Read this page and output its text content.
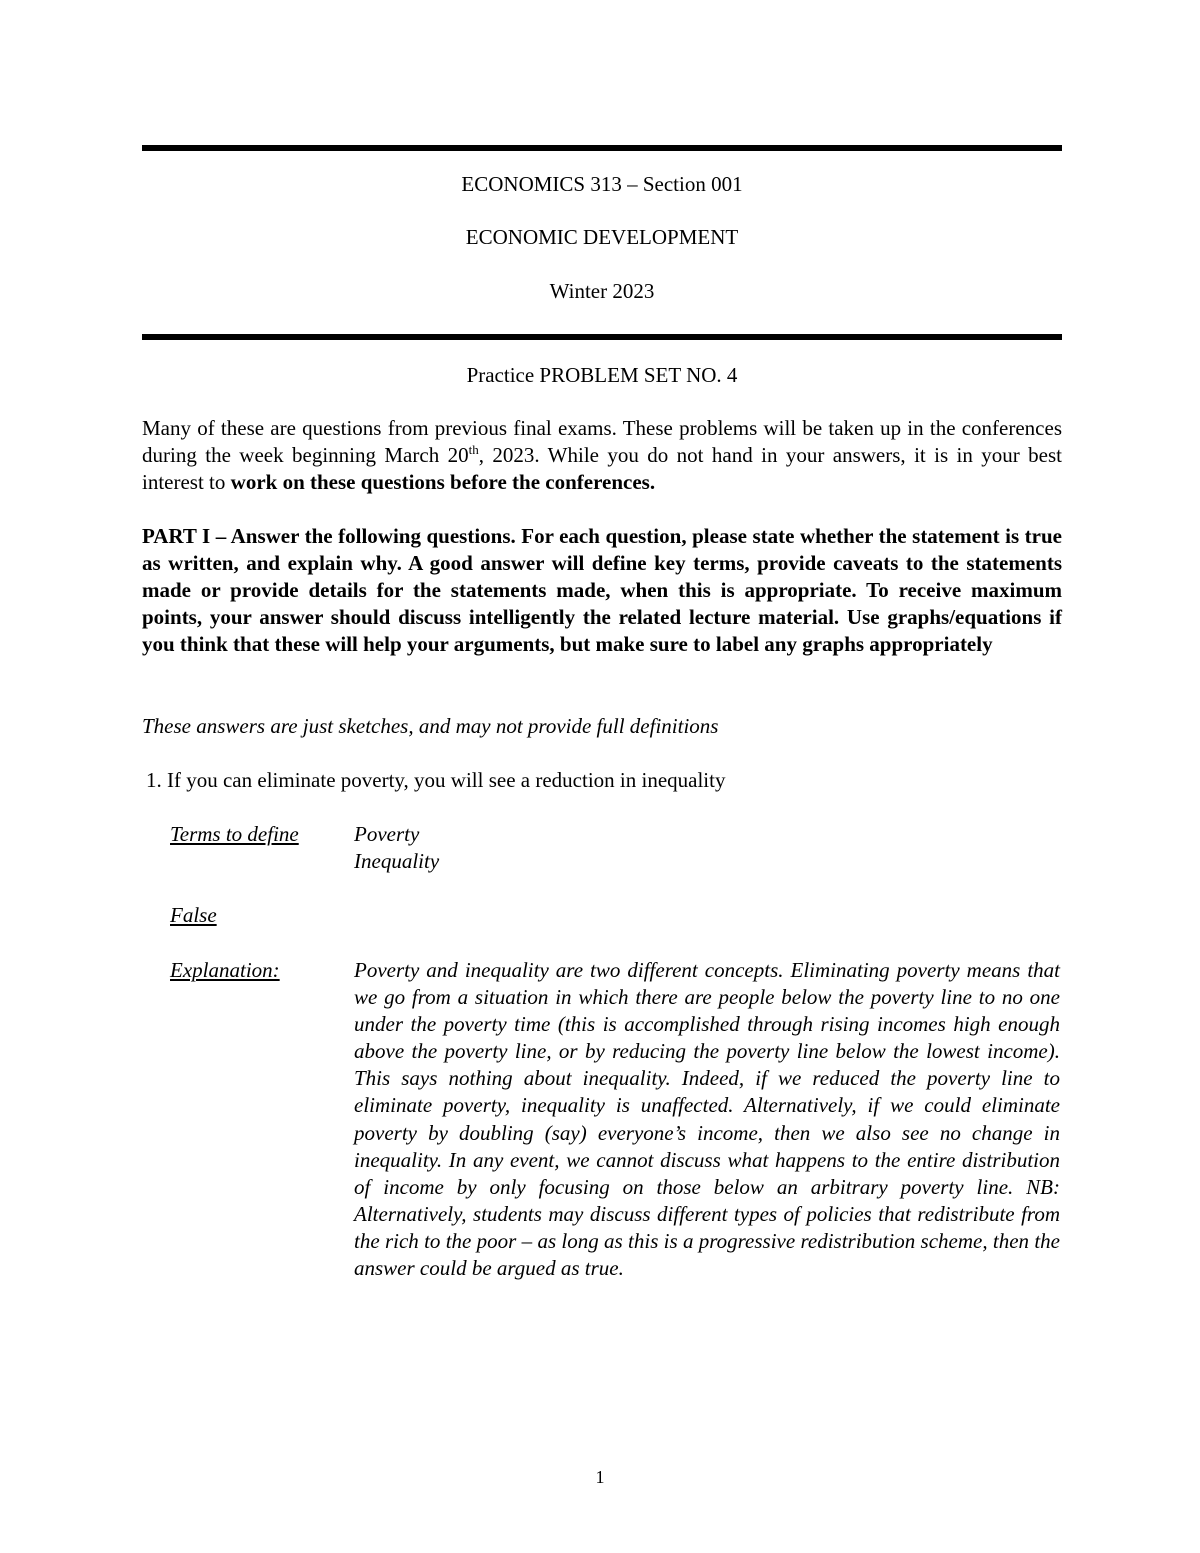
ECONOMICS 313 – Section 001
ECONOMIC DEVELOPMENT
Winter 2023
Practice PROBLEM SET NO. 4
Many of these are questions from previous final exams. These problems will be taken up in the conferences during the week beginning March 20th, 2023. While you do not hand in your answers, it is in your best interest to work on these questions before the conferences.
PART I – Answer the following questions. For each question, please state whether the statement is true as written, and explain why. A good answer will define key terms, provide caveats to the statements made or provide details for the statements made, when this is appropriate. To receive maximum points, your answer should discuss intelligently the related lecture material. Use graphs/equations if you think that these will help your arguments, but make sure to label any graphs appropriately
These answers are just sketches, and may not provide full definitions
1. If you can eliminate poverty, you will see a reduction in inequality
Terms to define	Poverty
Inequality
False
Explanation:	Poverty and inequality are two different concepts. Eliminating poverty means that we go from a situation in which there are people below the poverty line to no one under the poverty time (this is accomplished through rising incomes high enough above the poverty line, or by reducing the poverty line below the lowest income). This says nothing about inequality. Indeed, if we reduced the poverty line to eliminate poverty, inequality is unaffected. Alternatively, if we could eliminate poverty by doubling (say) everyone’s income, then we also see no change in inequality. In any event, we cannot discuss what happens to the entire distribution of income by only focusing on those below an arbitrary poverty line. NB: Alternatively, students may discuss different types of policies that redistribute from the rich to the poor – as long as this is a progressive redistribution scheme, then the answer could be argued as true.
1
